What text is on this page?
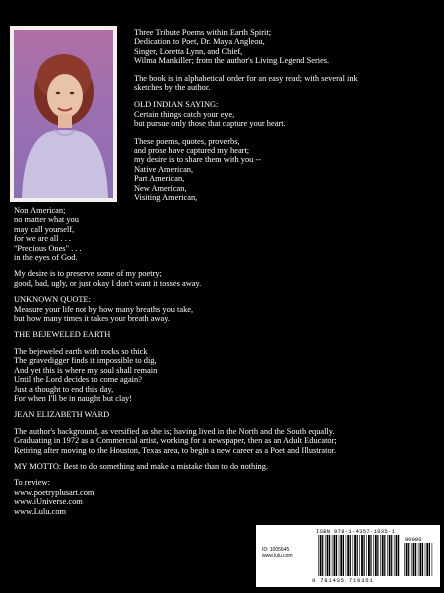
Three Tribute Poems within Earth Spirit;
Dedication to Poet, Dr. Maya Angleou,
Singer, Loretta Lynn, and Chief,
Wilma Mankiller; from the author's Living Legend Series.

The book is in alphabetical order for an easy read; with several ink
sketches by the author.

OLD INDIAN SAYING:
Certain things catch your eye,
but pursue only those that capture your heart.

These poems, quotes, proverbs,
and prose have captured my heart;
my desire is to share them with you --
Native American,
Part American,
New American,
Visiting American,

Non American;
no matter what you
may call yourself,
for we are all . . .
"Precious Ones" . . .
in the eyes of God.

My desire is to preserve some of my poetry;
good, bad, ugly, or just okay I don't want it tosses away.

UNKNOWN QUOTE:
Measure your life not by how many breaths you take,
but how many times it takes your breath away.

THE BEJEWELED EARTH

The bejeweled earth with rocks so thick
The gravedigger finds it impossible to dig,
And yet this is where my soul shall remain
Until the Lord decides to come again?
Just a thought to end this day,
For when I'll be in naught but clay!

JEAN ELIZABETH WARD

The author's background, as versified as she is; having lived in the North and the South equally.
Graduating in 1972 as a Commercial artist, working for a newspaper, then as an Adult Educator;
Retiring after moving to the Houston, Texas area, to begin a new career as a Poet and Illustrator.

MY MOTTO: Best to do something and make a mistake than to do nothing.

To review:
www.poetryplusart.com
www.iUniverse.com
www.Lulu.com

ISBN 978-1-4357-1035-1
90000
ID: 1005645
www.lulu.com
9 781435 710351
